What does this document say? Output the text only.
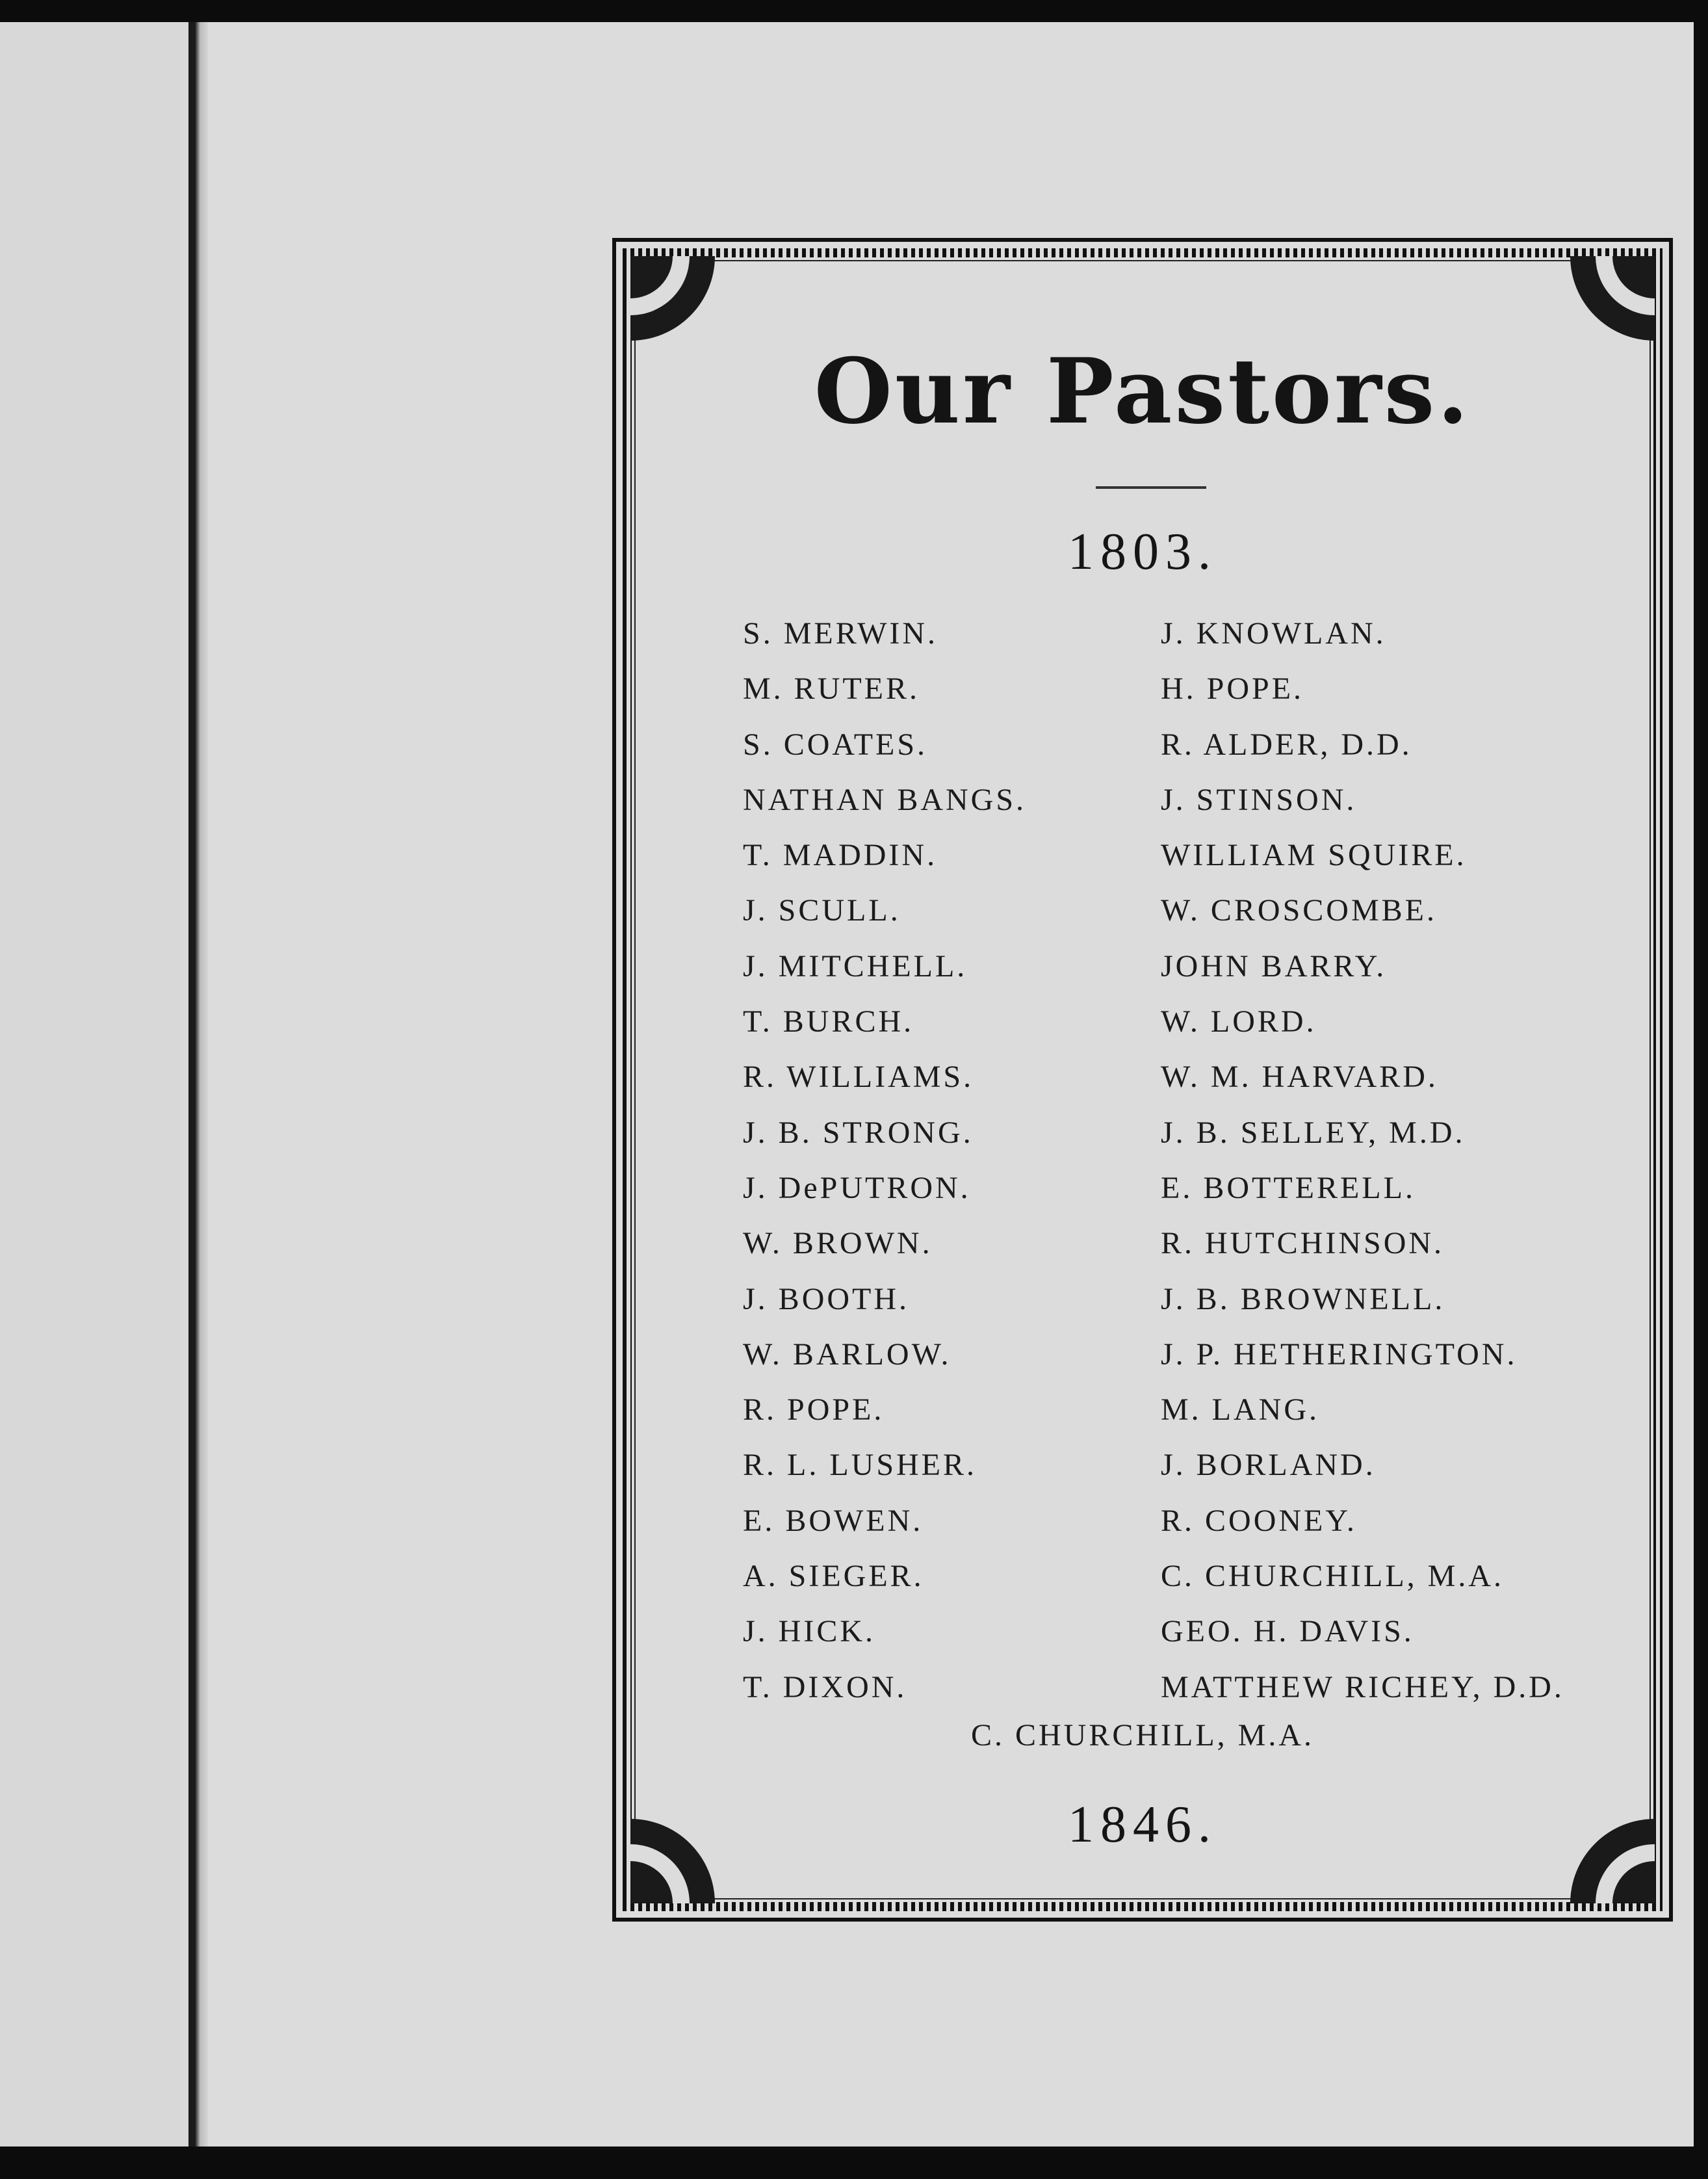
Our Pastors.
1803.
S. MERWIN.
M. RUTER.
S. COATES.
NATHAN BANGS.
T. MADDIN.
J. SCULL.
J. MITCHELL.
T. BURCH.
R. WILLIAMS.
J. B. STRONG.
J. DePUTRON.
W. BROWN.
J. BOOTH.
W. BARLOW.
R. POPE.
R. L. LUSHER.
E. BOWEN.
A. SIEGER.
J. HICK.
T. DIXON.
J. KNOWLAN.
H. POPE.
R. ALDER, D.D.
J. STINSON.
WILLIAM SQUIRE.
W. CROSCOMBE.
JOHN BARRY.
W. LORD.
W. M. HARVARD.
J. B. SELLEY, M.D.
E. BOTTERELL.
R. HUTCHINSON.
J. B. BROWNELL.
J. P. HETHERINGTON.
M. LANG.
J. BORLAND.
R. COONEY.
C. CHURCHILL, M.A.
GEO. H. DAVIS.
MATTHEW RICHEY, D.D.
C. CHURCHILL, M.A.
1846.
